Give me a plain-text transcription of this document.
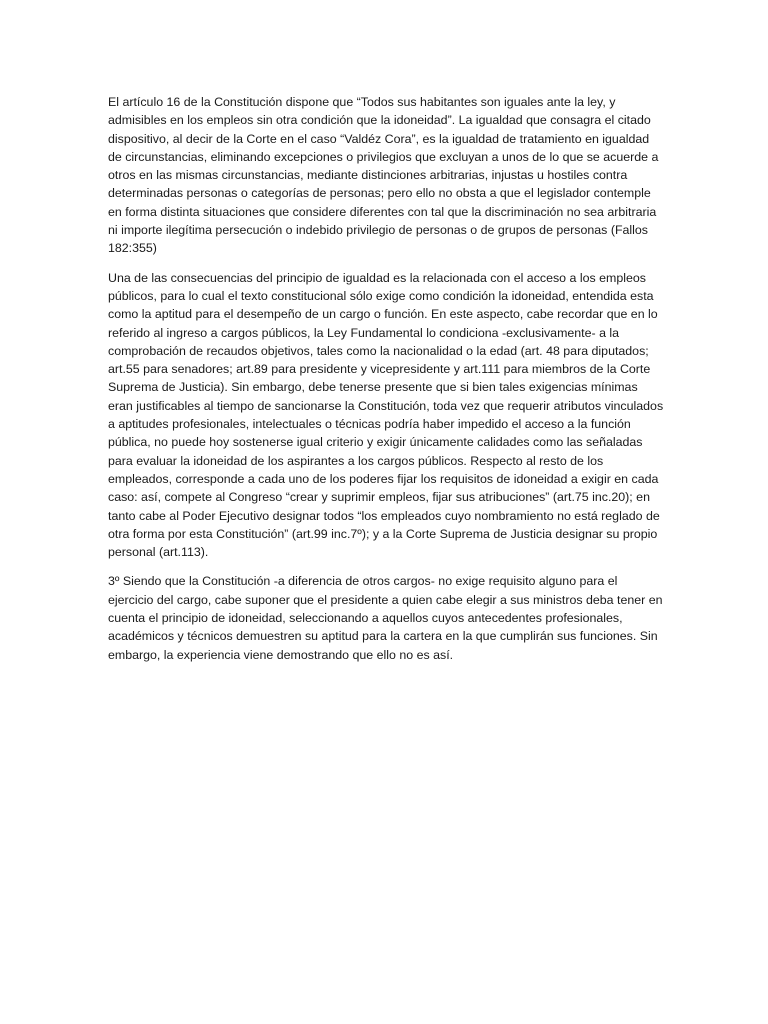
El artículo 16 de la Constitución dispone que “Todos sus habitantes son iguales ante la ley, y admisibles en los empleos sin otra condición que la idoneidad”. La igualdad que consagra el citado dispositivo, al decir de la Corte en el caso “Valdéz Cora”, es la igualdad de tratamiento en igualdad de circunstancias, eliminando excepciones o privilegios que excluyan a unos de lo que se acuerde a otros en las mismas circunstancias, mediante distinciones arbitrarias, injustas u hostiles contra determinadas personas o categorías de personas; pero ello no obsta a que el legislador contemple en forma distinta situaciones que considere diferentes con tal que la discriminación no sea arbitraria ni importe ilegítima persecución o indebido privilegio de personas o de grupos de personas (Fallos 182:355)

Una de las consecuencias del principio de igualdad es la relacionada con el acceso a los empleos públicos, para lo cual el texto constitucional sólo exige como condición la idoneidad, entendida esta como la aptitud para el desempeño de un cargo o función. En este aspecto, cabe recordar que en lo referido al ingreso a cargos públicos, la Ley Fundamental lo condiciona -exclusivamente- a la comprobación de recaudos objetivos, tales como la nacionalidad o la edad (art. 48 para diputados; art.55 para senadores; art.89 para presidente y vicepresidente y art.111 para miembros de la Corte Suprema de Justicia). Sin embargo, debe tenerse presente que si bien tales exigencias mínimas eran justificables al tiempo de sancionarse la Constitución, toda vez que requerir atributos vinculados a aptitudes profesionales, intelectuales o técnicas podría haber impedido el acceso a la función pública, no puede hoy sostenerse igual criterio y exigir únicamente calidades como las señaladas para evaluar la idoneidad de los aspirantes a los cargos públicos. Respecto al resto de los empleados, corresponde a cada uno de los poderes fijar los requisitos de idoneidad a exigir en cada caso: así, compete al Congreso “crear y suprimir empleos, fijar sus atribuciones” (art.75 inc.20); en tanto cabe al Poder Ejecutivo designar todos “los empleados cuyo nombramiento no está reglado de otra forma por esta Constitución” (art.99 inc.7º); y a la Corte Suprema de Justicia designar su propio personal (art.113).

3º Siendo que la Constitución -a diferencia de otros cargos- no exige requisito alguno para el ejercicio del cargo, cabe suponer que el presidente a quien cabe elegir a sus ministros deba tener en cuenta el principio de idoneidad, seleccionando a aquellos cuyos antecedentes profesionales, académicos y técnicos demuestren su aptitud para la cartera en la que cumplirán sus funciones. Sin embargo, la experiencia viene demostrando que ello no es así.
